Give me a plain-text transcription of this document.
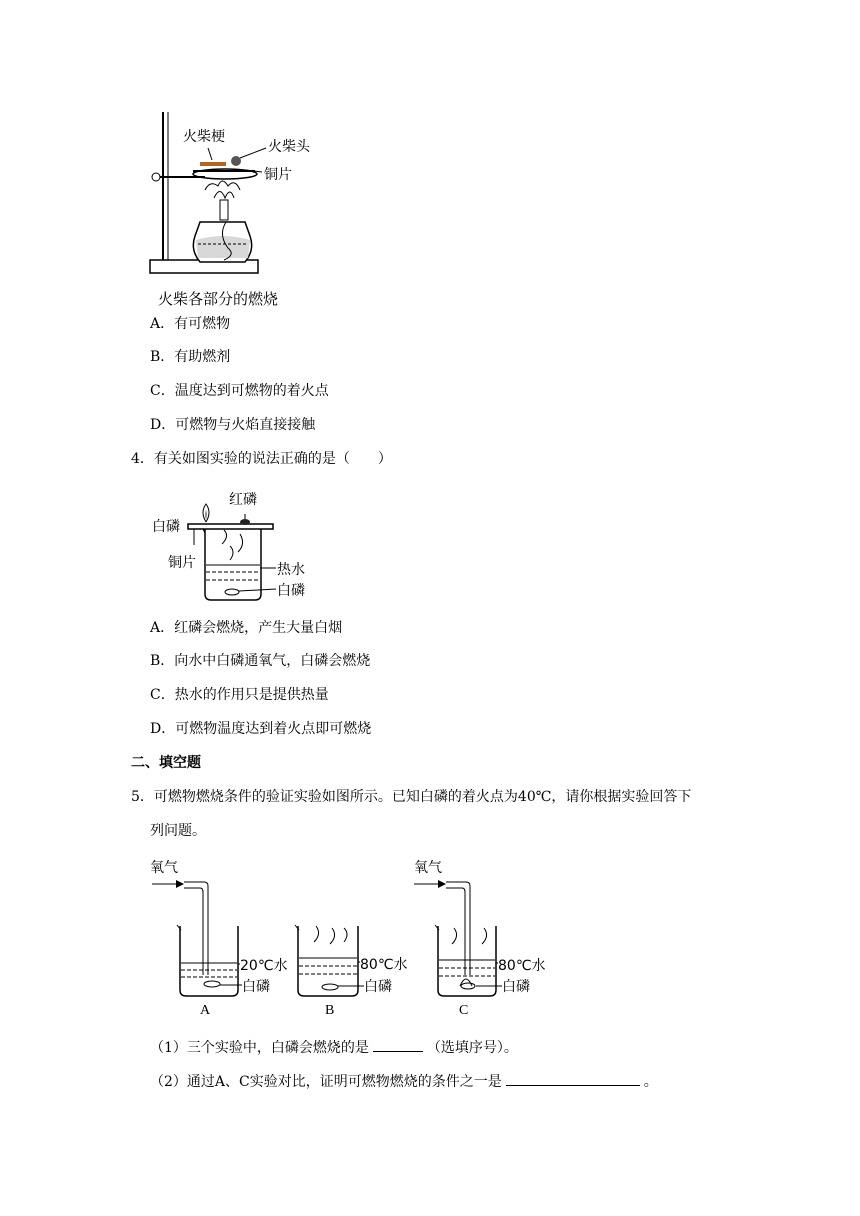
火柴梗
火柴头
铜片
火柴各部分的燃烧
A．有可燃物
B．有助燃剂
C．温度达到可燃物的着火点
D．可燃物与火焰直接接触
4．有关如图实验的说法正确的是（　　）
红磷
白磷
铜片	热水
白磷
A．红磷会燃烧，产生大量白烟
B．向水中白磷通氧气，白磷会燃烧
C．热水的作用只是提供热量
D．可燃物温度达到着火点即可燃烧
二、填空题
5．可燃物燃烧条件的验证实验如图所示。已知白磷的着火点为40℃，请你根据实验回答下
列问题。
氧气	氧气
20℃水
白磷
80℃水
白磷
80℃水
白磷
A	B	C
（1）三个实验中，白磷会燃烧的是	（选填序号）。
（2）通过A、C实验对比，证明可燃物燃烧的条件之一是	。
